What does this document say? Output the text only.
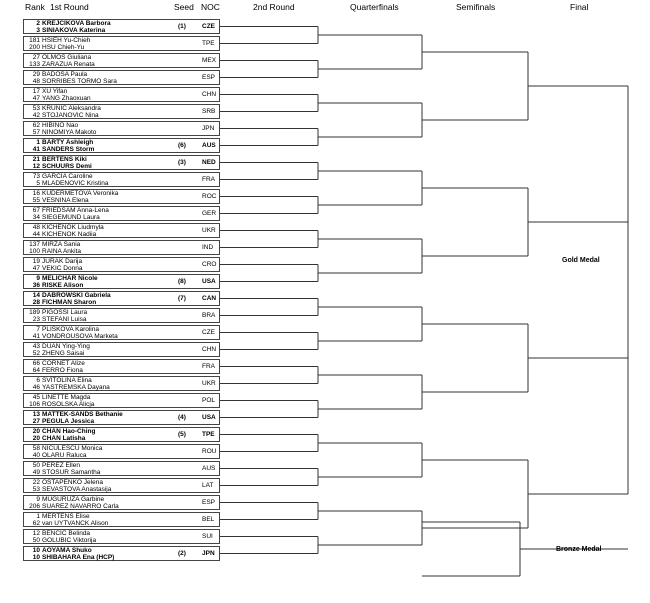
Rank 1st Round	Seed NOC	2nd Round	Quarterfinals	Semifinals	Final
2 KREJCIKOVA Barbora
3 SINIAKOVA Katerina
(1) CZE
181 HSIEH Yu-Chieh
200 HSU Chieh-Yu
TPE
27 OLMOS Giuliana
133 ZARAZUA Renata
MEX
29 BADOSA Paula
48 SORRIBES TORMO Sara
ESP
17 XU Yifan
47 YANG Zhaoxuan
CHN
53 KRUNIC Aleksandra
42 STOJANOVIC Nina
SRB
62 HIBINO Nao
57 NINOMIYA Makoto
JPN
1 BARTY Ashleigh
41 SANDERS Storm
(6) AUS
21 BERTENS Kiki
12 SCHUURS Demi
(3) NED
73 GARCIA Caroline
5 MLADENOVIC Kristina
FRA
16 KUDERMETOVA Veronika
55 VESNINA Elena
ROC
67 FRIEDSAM Anna-Lena
34 SIEGEMUND Laura
GER
48 KICHENOK Liudmyla
44 KICHENOK Nadiia
UKR
137 MIRZA Sania
100 RAINA Ankita
IND
19 JURAK Darija
47 VEKIC Donna
CRO
9 MELICHAR Nicole
36 RISKE Alison
(8) USA
14 DABROWSKI Gabriela
28 FICHMAN Sharon
(7) CAN
189 PIGOSSI Laura
23 STEFANI Luisa
BRA
7 PLISKOVA Karolina
41 VONDROUSOVA Marketa
CZE
43 DUAN Ying-Ying
52 ZHENG Saisai
CHN
66 CORNET Alize
64 FERRO Fiona
FRA
6 SVITOLINA Elina
46 YASTREMSKA Dayana
UKR
45 LINETTE Magda
106 ROSOLSKA Alicja
POL
13 MATTEK-SANDS Bethanie
27 PEGULA Jessica
(4) USA
20 CHAN Hao-Ching
20 CHAN Latisha
(5) TPE
58 NICULESCU Monica
40 OLARU Raluca
ROU
50 PEREZ Ellen
49 STOSUR Samantha
AUS
22 OSTAPENKO Jelena
53 SEVASTOVA Anastasija
LAT
9 MUGURUZA Garbine
206 SUAREZ NAVARRO Carla
ESP
1 MERTENS Elise
62 van UYTVANCK Alison
BEL
12 BENCIC Belinda
50 GOLUBIC Viktorija
SUI
10 AOYAMA Shuko
10 SHIBAHARA Ena (HCP)
(2) JPN
Gold Medal
Bronze Medal
